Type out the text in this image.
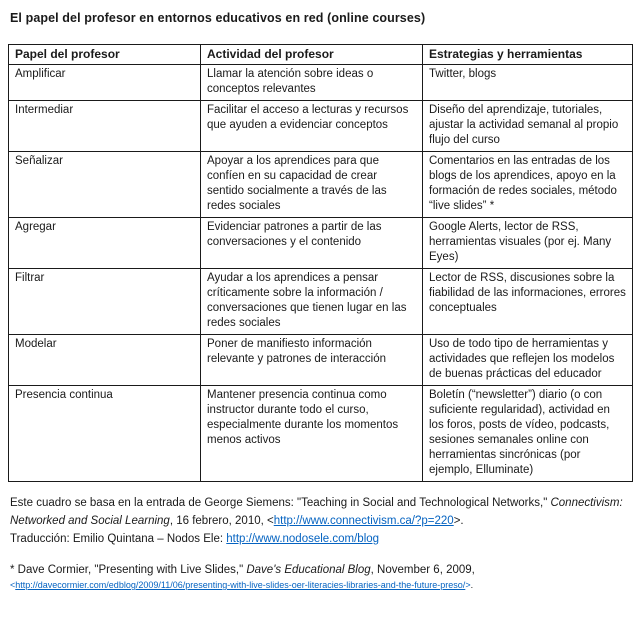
El papel del profesor en entornos educativos en red (online courses)
Papel del profesor	Actividad del profesor	Estrategias y herramientas
Amplificar	Llamar la atención sobre ideas o conceptos relevantes	Twitter, blogs
Intermediar	Facilitar el acceso a lecturas y recursos que ayuden a evidenciar conceptos	Diseño del aprendizaje, tutoriales, ajustar la actividad semanal al propio flujo del curso
Señalizar	Apoyar a los aprendices para que confíen en su capacidad de crear sentido socialmente a través de las redes sociales	Comentarios en las entradas de los blogs de los aprendices, apoyo en la formación de redes sociales, método “live slides” *
Agregar	Evidenciar patrones a partir de las conversaciones y el contenido	Google Alerts, lector de RSS, herramientas visuales (por ej. Many Eyes)
Filtrar	Ayudar a los aprendices a pensar críticamente sobre la información / conversaciones que tienen lugar en las redes sociales	Lector de RSS, discusiones sobre la fiabilidad de las informaciones, errores conceptuales
Modelar	Poner de manifiesto información relevante y patrones de interacción	Uso de todo tipo de herramientas y actividades que reflejen los modelos de buenas prácticas del educador
Presencia continua	Mantener presencia continua como instructor durante todo el curso, especialmente durante los momentos menos activos	Boletín (“newsletter”) diario (o con suficiente regularidad), actividad en los foros, posts de vídeo, podcasts, sesiones semanales online con herramientas sincrónicas (por ejemplo, Elluminate)

Este cuadro se basa en la entrada de George Siemens: "Teaching in Social and Technological Networks," Connectivism: Networked and Social Learning, 16 febrero, 2010, <http://www.connectivism.ca/?p=220>.
Traducción: Emilio Quintana – Nodos Ele: http://www.nodosele.com/blog

* Dave Cormier, "Presenting with Live Slides," Dave's Educational Blog, November 6, 2009,
<http://davecormier.com/edblog/2009/11/06/presenting-with-live-slides-oer-literacies-libraries-and-the-future-preso/>.
